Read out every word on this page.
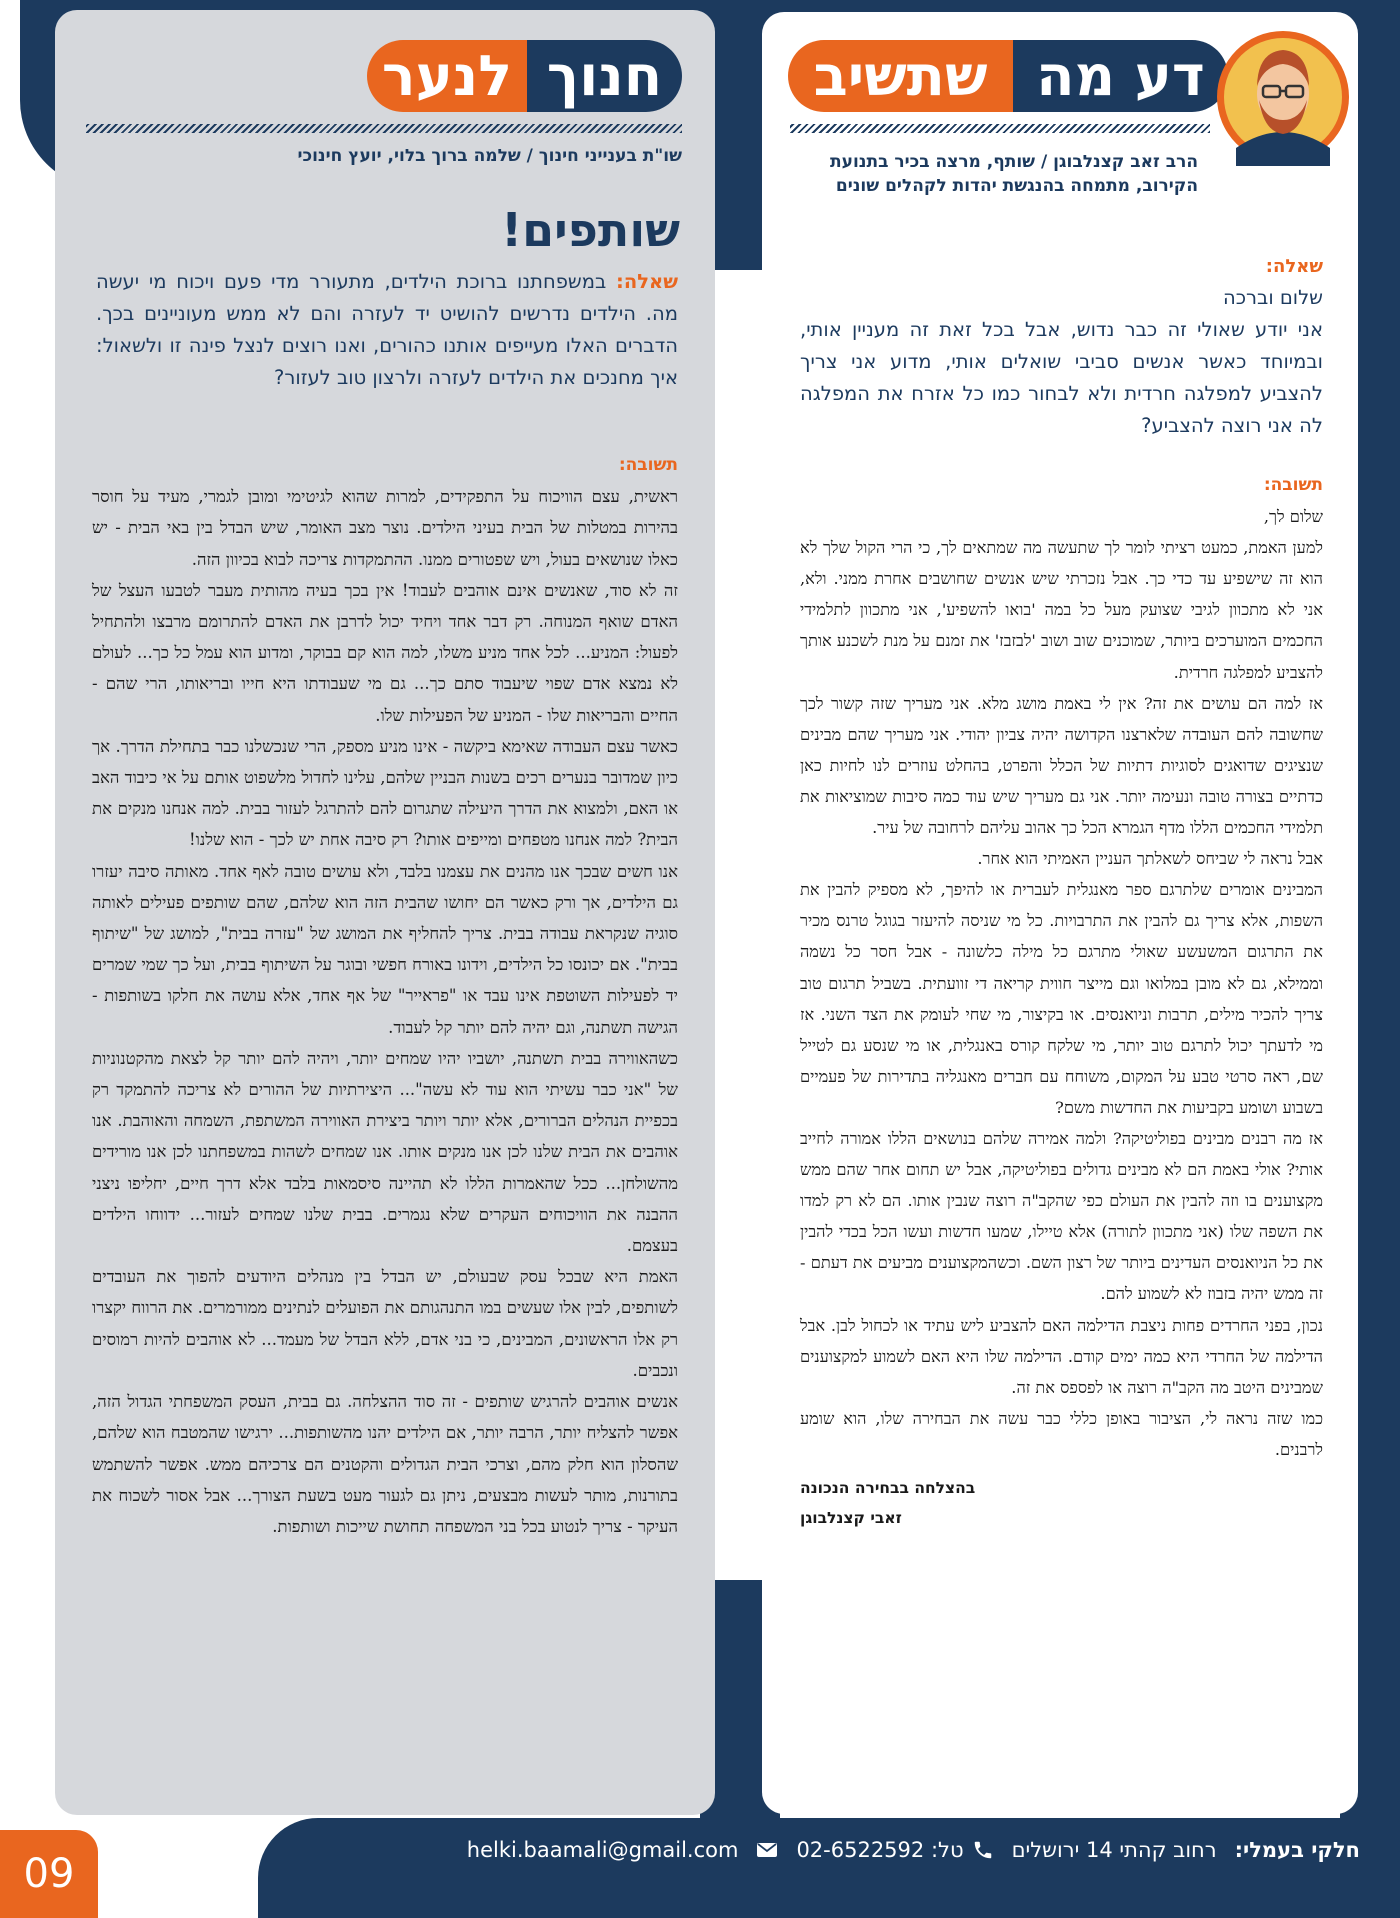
לנער חנוך
שו"ת בענייני חינוך / שלמה ברוך בלוי, יועץ חינוכי
שותפים!

שאלה: במשפחתנו ברוכת הילדים, מתעורר מדי פעם ויכוח מי יעשה מה. הילדים נדרשים להושיט יד לעזרה והם לא ממש מעוניינים בכך. הדברים האלו מעייפים אותנו כהורים, ואנו רוצים לנצל פינה זו ולשאול: איך מחנכים את הילדים לעזרה ולרצון טוב לעזור?

תשובה:

ראשית, עצם הוויכוח על התפקידים, למרות שהוא לגיטימי ומובן לגמרי, מעיד על חוסר בהירות במטלות של הבית בעיני הילדים. נוצר מצב האומר, שיש הבדל בין באי הבית - יש כאלו שנושאים בעול, ויש שפטורים ממנו. ההתמקדות צריכה לבוא בכיוון הזה.

זה לא סוד, שאנשים אינם אוהבים לעבוד! אין בכך בעיה מהותית מעבר לטבעו העצל של האדם שואף המנוחה. רק דבר אחד ויחיד יכול לדרבן את האדם להתרומם מרבצו ולהתחיל לפעול: המניע... לכל אחד מניע משלו, למה הוא קם בבוקר, ומדוע הוא עמל כל כך... לעולם לא נמצא אדם שפוי שיעבוד סתם כך... גם מי שעבודתו היא חייו ובריאותו, הרי שהם - החיים והבריאות שלו - המניע של הפעילות שלו.

כאשר עצם העבודה שאימא ביקשה - אינו מניע מספק, הרי שנכשלנו כבר בתחילת הדרך. אך כיון שמדובר בנערים רכים בשנות הבניין שלהם, עלינו לחדול מלשפוט אותם על אי כיבוד האב או האם, ולמצוא את הדרך היעילה שתגרום להם להתרגל לעזור בבית. למה אנחנו מנקים את הבית? למה אנחנו מטפחים ומייפים אותו? רק סיבה אחת יש לכך - הוא שלנו!

אנו חשים שבכך אנו מהנים את עצמנו בלבד, ולא עושים טובה לאף אחד. מאותה סיבה יעזרו גם הילדים, אך ורק כאשר הם יחושו שהבית הזה הוא שלהם, שהם שותפים פעילים לאותה סוגיה שנקראת עבודה בבית. צריך להחליף את המושג של "עזרה בבית", למושג של "שיתוף בבית". אם יכונסו כל הילדים, וידונו באורח חפשי ובוגר על השיתוף בבית, ועל כך שמי שמרים יד לפעילות השוטפת אינו עבד או "פראייר" של אף אחד, אלא עושה את חלקו בשותפות - הגישה תשתנה, וגם יהיה להם יותר קל לעבוד.

כשהאווירה בבית תשתנה, יושביו יהיו שמחים יותר, ויהיה להם יותר קל לצאת מהקטנוניות של "אני כבר עשיתי הוא עוד לא עשה"... היצירתיות של ההורים לא צריכה להתמקד רק בכפיית הנהלים הברורים, אלא יותר ויותר ביצירת האווירה המשתפת, השמחה והאוהבת. אנו אוהבים את הבית שלנו לכן אנו מנקים אותו. אנו שמחים לשהות במשפחתנו לכן אנו מורידים מהשולחן... ככל שהאמרות הללו לא תהיינה סיסמאות בלבד אלא דרך חיים, יחליפו ניצני ההבנה את הוויכוחים העקרים שלא נגמרים. בבית שלנו שמחים לעזור... ידווחו הילדים בעצמם.

האמת היא שבכל עסק שבעולם, יש הבדל בין מנהלים היודעים להפוך את העובדים לשותפים, לבין אלו שעשים במו התנהגותם את הפועלים לנתינים ממורמרים. את הרווח יקצרו רק אלו הראשונים, המבינים, כי בני אדם, ללא הבדל של מעמד... לא אוהבים להיות רמוסים ונכבים.

אנשים אוהבים להרגיש שותפים - זה סוד ההצלחה. גם בבית, העסק המשפחתי הגדול הזה, אפשר להצליח יותר, הרבה יותר, אם הילדים יהנו מהשותפות... ירגישו שהמטבח הוא שלהם, שהסלון הוא חלק מהם, וצרכי הבית הגדולים והקטנים הם צרכיהם ממש. אפשר להשתמש בתורנות, מותר לעשות מבצעים, ניתן גם לגעור מעט בשעת הצורך... אבל אסור לשכוח את העיקר - צריך לנטוע בכל בני המשפחה תחושת שייכות ושותפות.

שתשיב דע מה
הרב זאב קצנלבוגן / שותף, מרצה בכיר בתנועת הקירוב, מתמחה בהנגשת יהדות לקהלים שונים

שאלה:

שלום וברכה

אני יודע שאולי זה כבר נדוש, אבל בכל זאת זה מעניין אותי, ובמיוחד כאשר אנשים סביבי שואלים אותי, מדוע אני צריך להצביע למפלגה חרדית ולא לבחור כמו כל אזרח את המפלגה לה אני רוצה להצביע?

תשובה:

שלום לך,

למען האמת, כמעט רציתי לומר לך שתעשה מה שמתאים לך, כי הרי הקול שלך לא הוא זה שישפיע עד כדי כך. אבל נזכרתי שיש אנשים שחושבים אחרת ממני. ולא, אני לא מתכוון לגיבי שצועק מעל כל במה 'בואו להשפיע', אני מתכוון לתלמידי החכמים המוערכים ביותר, שמוכנים שוב ושוב 'לבזבז' את זמנם על מנת לשכנע אותך להצביע למפלגה חרדית.

אז למה הם עושים את זה? אין לי באמת מושג מלא. אני מעריך שזה קשור לכך שחשובה להם העובדה שלארצנו הקדושה יהיה צביון יהודי. אני מעריך שהם מבינים שנציגים שדואגים לסוגיות דתיות של הכלל והפרט, בהחלט עוזרים לנו לחיות כאן כדתיים בצורה טובה ונעימה יותר. אני גם מעריך שיש עוד כמה סיבות שמוציאות את תלמידי החכמים הללו מדף הגמרא הכל כך אהוב עליהם לרחובה של עיר.

אבל נראה לי שביחס לשאלתך העניין האמיתי הוא אחר.

המבינים אומרים שלתרגם ספר מאנגלית לעברית או להיפך, לא מספיק להבין את השפות, אלא צריך גם להבין את התרבויות. כל מי שניסה להיעזר בגוגל טרנס מכיר את התרגום המשעשע שאולי מתרגם כל מילה כלשונה - אבל חסר כל נשמה וממילא, גם לא מובן במלואו וגם מייצר חווית קריאה די זוועתית. בשביל תרגום טוב צריך להכיר מילים, תרבות וניואנסים. או בקיצור, מי שחי לעומק את הצד השני. אז מי לדעתך יכול לתרגם טוב יותר, מי שלקח קורס באנגלית, או מי שנסע גם לטייל שם, ראה סרטי טבע על המקום, משוחח עם חברים מאנגליה בתדירות של פעמיים בשבוע ושומע בקביעות את החדשות משם?

אז מה רבנים מבינים בפוליטיקה? ולמה אמירה שלהם בנושאים הללו אמורה לחייב אותי? אולי באמת הם לא מבינים גדולים בפוליטיקה, אבל יש תחום אחר שהם ממש מקצוענים בו וזה להבין את העולם כפי שהקב"ה רוצה שנבין אותו. הם לא רק למדו את השפה שלו (אני מתכוון לתורה) אלא טיילו, שמעו חדשות ועשו הכל בכדי להבין את כל הניואנסים העדינים ביותר של רצון השם. וכשהמקצוענים מביעים את דעתם - זה ממש יהיה בזבוז לא לשמוע להם.

נכון, בפני החרדים פחות ניצבת הדילמה האם להצביע ליש עתיד או לכחול לבן. אבל הדילמה של החרדי היא כמה ימים קודם. הדילמה שלו היא האם לשמוע למקצוענים שמבינים היטב מה הקב"ה רוצה או לפספס את זה.

כמו שזה נראה לי, הציבור באופן כללי כבר עשה את הבחירה שלו, הוא שומע לרבנים.

בהצלחה בבחירה הנכונה

זאבי קצנלבוגן

חלקי בעמלי:
רחוב קהתי 14 ירושלים
טל: 02-6522592
helki.baamali@gmail.com
09
